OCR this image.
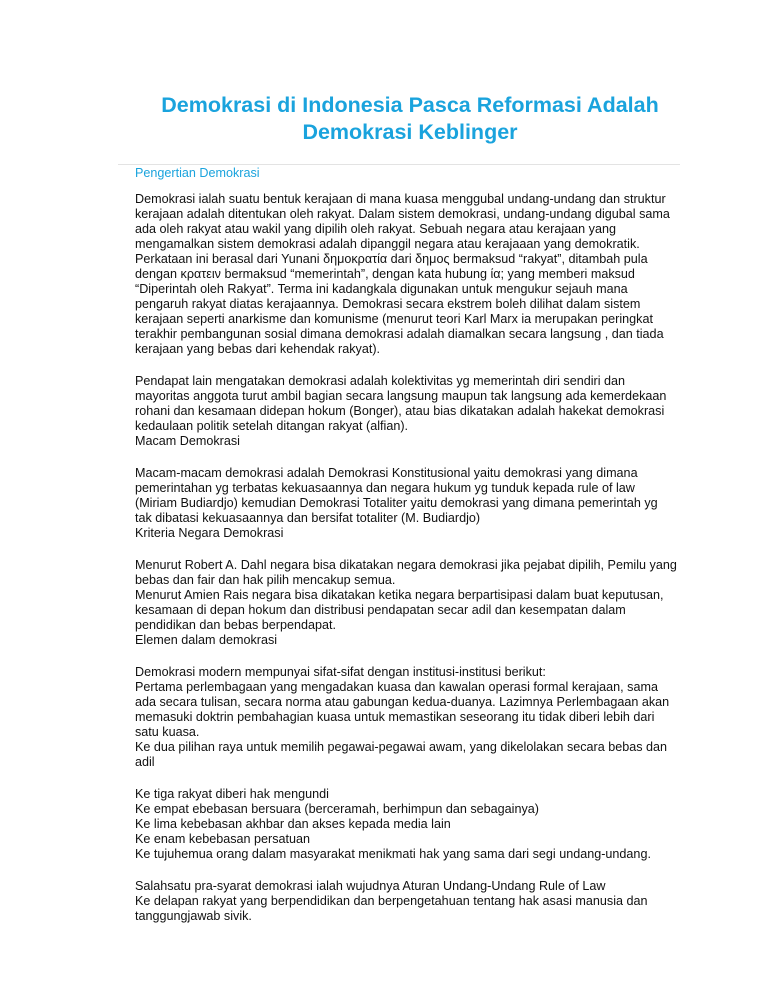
Demokrasi di Indonesia Pasca Reformasi Adalah
Demokrasi Keblinger
Pengertian Demokrasi
Demokrasi ialah suatu bentuk kerajaan di mana kuasa menggubal undang-undang dan struktur
kerajaan adalah ditentukan oleh rakyat. Dalam sistem demokrasi, undang-undang digubal sama
ada oleh rakyat atau wakil yang dipilih oleh rakyat. Sebuah negara atau kerajaan yang
mengamalkan sistem demokrasi adalah dipanggil negara atau kerajaaan yang demokratik.
Perkataan ini berasal dari Yunani δημοκρατία dari δημος bermaksud “rakyat”, ditambah pula
dengan κρατειν bermaksud “memerintah”, dengan kata hubung ία; yang memberi maksud
“Diperintah oleh Rakyat”. Terma ini kadangkala digunakan untuk mengukur sejauh mana
pengaruh rakyat diatas kerajaannya. Demokrasi secara ekstrem boleh dilihat dalam sistem
kerajaan seperti anarkisme dan komunisme (menurut teori Karl Marx ia merupakan peringkat
terakhir pembangunan sosial dimana demokrasi adalah diamalkan secara langsung , dan tiada
kerajaan yang bebas dari kehendak rakyat).
Pendapat lain mengatakan demokrasi adalah kolektivitas yg memerintah diri sendiri dan
mayoritas anggota turut ambil bagian secara langsung maupun tak langsung ada kemerdekaan
rohani dan kesamaan didepan hokum (Bonger), atau bias dikatakan adalah hakekat demokrasi
kedaulaan politik setelah ditangan rakyat (alfian).
Macam Demokrasi
Macam-macam demokrasi adalah Demokrasi Konstitusional yaitu demokrasi yang dimana
pemerintahan yg terbatas kekuasaannya dan negara hukum yg tunduk kepada rule of law
(Miriam Budiardjo) kemudian Demokrasi Totaliter yaitu demokrasi yang dimana pemerintah yg
tak dibatasi kekuasaannya dan bersifat totaliter (M. Budiardjo)
Kriteria Negara Demokrasi
Menurut Robert A. Dahl negara bisa dikatakan negara demokrasi jika pejabat dipilih, Pemilu yang
bebas dan fair dan hak pilih mencakup semua.
Menurut Amien Rais negara bisa dikatakan ketika negara berpartisipasi dalam buat keputusan,
kesamaan di depan hokum dan distribusi pendapatan secar adil dan kesempatan dalam
pendidikan dan bebas berpendapat.
Elemen dalam demokrasi
Demokrasi modern mempunyai sifat-sifat dengan institusi-institusi berikut:
Pertama perlembagaan yang mengadakan kuasa dan kawalan operasi formal kerajaan, sama
ada secara tulisan, secara norma atau gabungan kedua-duanya. Lazimnya Perlembagaan akan
memasuki doktrin pembahagian kuasa untuk memastikan seseorang itu tidak diberi lebih dari
satu kuasa.
Ke dua pilihan raya untuk memilih pegawai-pegawai awam, yang dikelolakan secara bebas dan
adil
Ke tiga rakyat diberi hak mengundi
Ke empat ebebasan bersuara (berceramah, berhimpun dan sebagainya)
Ke lima kebebasan akhbar dan akses kepada media lain
Ke enam kebebasan persatuan
Ke tujuhemua orang dalam masyarakat menikmati hak yang sama dari segi undang-undang.
Salahsatu pra-syarat demokrasi ialah wujudnya Aturan Undang-Undang Rule of Law
Ke delapan rakyat yang berpendidikan dan berpengetahuan tentang hak asasi manusia dan
tanggungjawab sivik.
